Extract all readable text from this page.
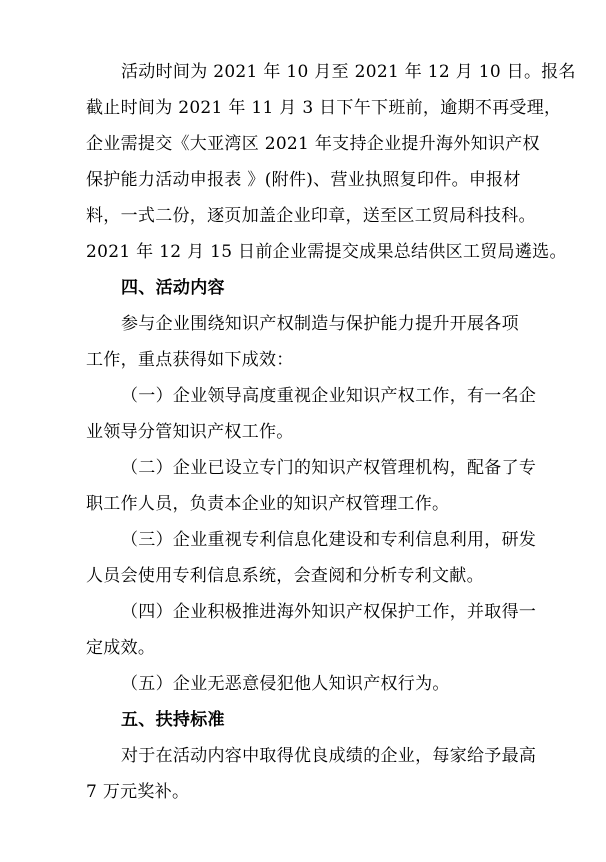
活动时间为 2021 年 10 月至 2021 年 12 月 10 日。报名
截止时间为 2021 年 11 月 3 日下午下班前，逾期不再受理，
企业需提交《大亚湾区 2021 年支持企业提升海外知识产权
保护能力活动申报表 》(附件)、营业执照复印件。申报材
料，一式二份，逐页加盖企业印章，送至区工贸局科技科。
2021 年 12 月 15 日前企业需提交成果总结供区工贸局遴选。
四、活动内容
参与企业围绕知识产权制造与保护能力提升开展各项
工作，重点获得如下成效：
（一）企业领导高度重视企业知识产权工作，有一名企
业领导分管知识产权工作。
（二）企业已设立专门的知识产权管理机构，配备了专
职工作人员，负责本企业的知识产权管理工作。
（三）企业重视专利信息化建设和专利信息利用，研发
人员会使用专利信息系统，会查阅和分析专利文献。
（四）企业积极推进海外知识产权保护工作，并取得一
定成效。
（五）企业无恶意侵犯他人知识产权行为。
五、扶持标准
对于在活动内容中取得优良成绩的企业，每家给予最高
7 万元奖补。
